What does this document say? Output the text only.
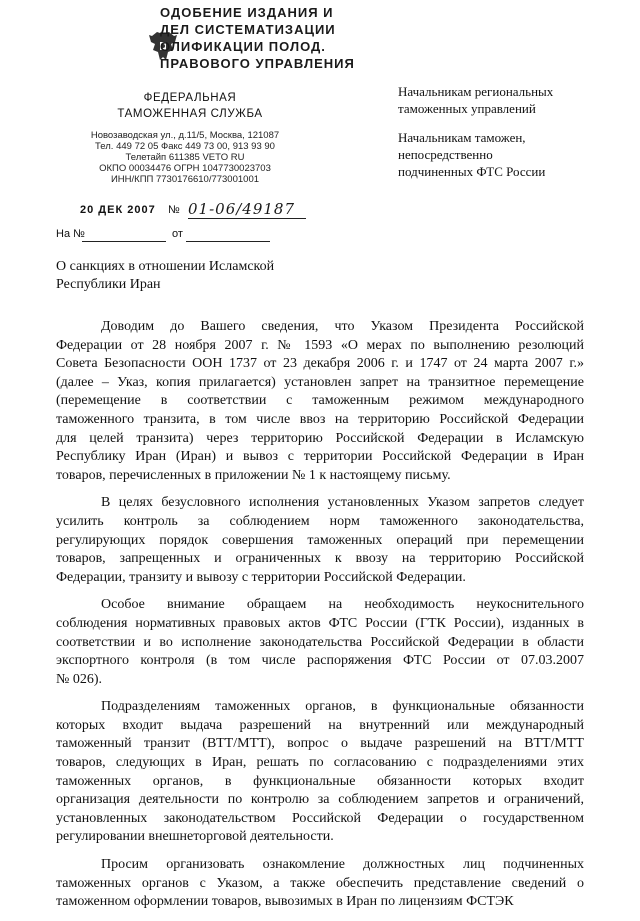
ОДОБЕНИЕ ИЗДАНИЯ И
ДЕЛ СИСТЕМАТИЗАЦИИ
ОЛИФИКАЦИИ ПОЛОД.
ПРАВОВОГО УПРАВЛЕНИЯ
ФЕДЕРАЛЬНАЯ
ТАМОЖЕННАЯ СЛУЖБА
Новозаводская ул., д.11/5, Москва, 121087
Тел. 449 72 05 Факс 449 73 00, 913 93 90
Телетайп 611385 VETO RU
ОКПО 00034476 ОГРН 1047730023703
ИНН/КПП 7730176610/773001001
20 ДЕК 2007 № 01-06/49187
На №	от
Начальникам региональных
таможенных управлений
Начальникам таможен,
непосредственно
подчиненных ФТС России
О санкциях в отношении Исламской
Республики Иран
Доводим до Вашего сведения, что Указом Президента Российской
Федерации от 28 ноября 2007 г. № 1593 «О мерах по выполнению резолюций
Совета Безопасности ООН 1737 от 23 декабря 2006 г. и 1747 от 24 марта 2007 г.»
(далее – Указ, копия прилагается) установлен запрет на транзитное перемещение
(перемещение в соответствии с таможенным режимом международного
таможенного транзита, в том числе ввоз на территорию Российской Федерации
для целей транзита) через территорию Российской Федерации в Исламскую
Республику Иран (Иран) и вывоз с территории Российской Федерации в Иран
товаров, перечисленных в приложении № 1 к настоящему письму.
В целях безусловного исполнения установленных Указом запретов следует
усилить контроль за соблюдением норм таможенного законодательства,
регулирующих порядок совершения таможенных операций при перемещении
товаров, запрещенных и ограниченных к ввозу на территорию Российской
Федерации, транзиту и вывозу с территории Российской Федерации.
Особое внимание обращаем на необходимость неукоснительного
соблюдения нормативных правовых актов ФТС России (ГТК России), изданных в
соответствии и во исполнение законодательства Российской Федерации в области
экспортного контроля (в том числе распоряжения ФТС России от 07.03.2007
№ 026).
Подразделениям таможенных органов, в функциональные обязанности
которых входит выдача разрешений на внутренний или международный
таможенный транзит (ВТТ/МТТ), вопрос о выдаче разрешений на ВТТ/МТТ
товаров, следующих в Иран, решать по согласованию с подразделениями этих
таможенных органов, в функциональные обязанности которых входит
организация деятельности по контролю за соблюдением запретов и ограничений,
установленных законодательством Российской Федерации о государственном
регулировании внешнеторговой деятельности.
Просим организовать ознакомление должностных лиц подчиненных
таможенных органов с Указом, а также обеспечить представление сведений о
таможенном оформлении товаров, вывозимых в Иран по лицензиям ФСТЭК
